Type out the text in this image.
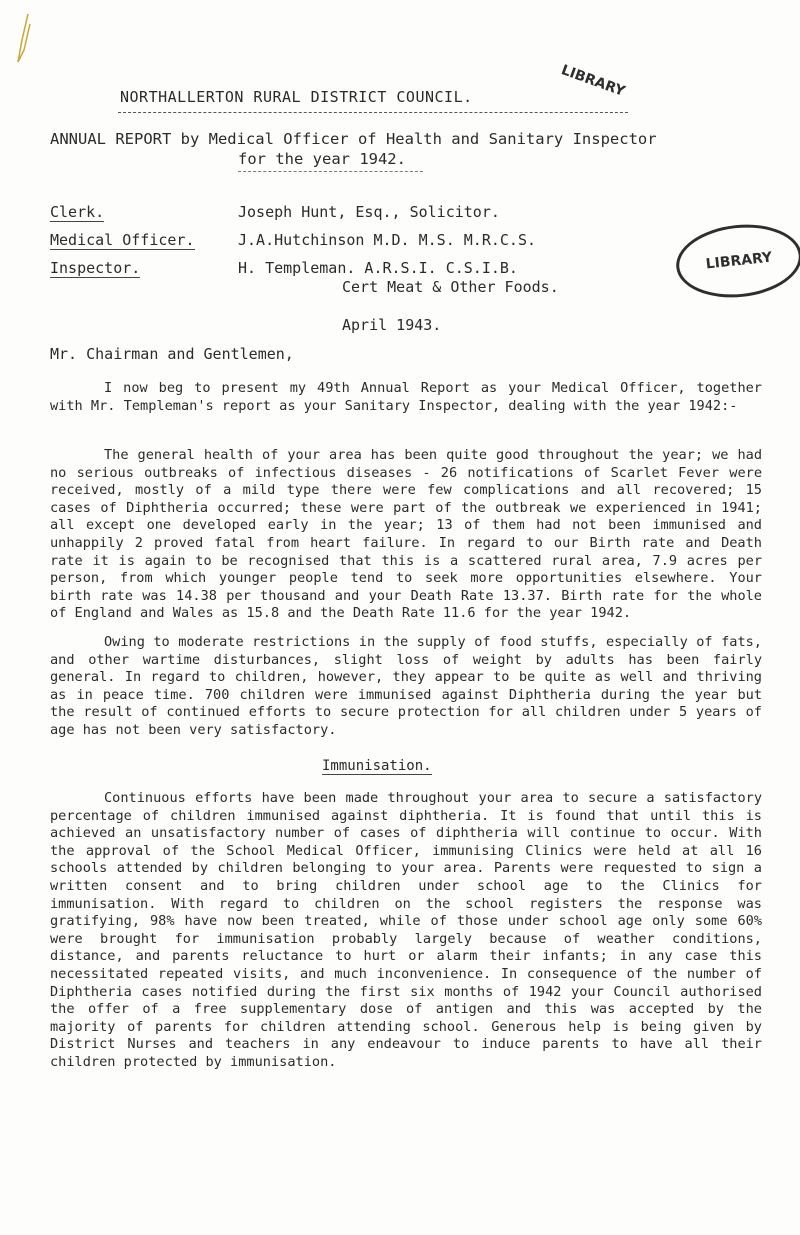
LIBRARY
NORTHALLERTON RURAL DISTRICT COUNCIL.
ANNUAL REPORT by Medical Officer of Health and Sanitary Inspector
for the year 1942.
Clerk.	Joseph Hunt, Esq., Solicitor.
Medical Officer.	J.A.Hutchinson M.D. M.S. M.R.C.S.
Inspector.	H. Templeman. A.R.S.I. C.S.I.B.
Cert Meat & Other Foods.
LIBRARY
April 1943.
Mr. Chairman and Gentlemen,

I now beg to present my 49th Annual Report as your Medical Officer, together with Mr. Templeman's report as your Sanitary Inspector, dealing with the year 1942:-

The general health of your area has been quite good throughout the year; we had no serious outbreaks of infectious diseases - 26 notifications of Scarlet Fever were received, mostly of a mild type there were few complications and all recovered; 15 cases of Diphtheria occurred; these were part of the outbreak we experienced in 1941; all except one developed early in the year; 13 of them had not been immunised and unhappily 2 proved fatal from heart failure. In regard to our Birth rate and Death rate it is again to be recognised that this is a scattered rural area, 7.9 acres per person, from which younger people tend to seek more opportunities elsewhere. Your birth rate was 14.38 per thousand and your Death Rate 13.37. Birth rate for the whole of England and Wales as 15.8 and the Death Rate 11.6 for the year 1942.

Owing to moderate restrictions in the supply of food stuffs, especially of fats, and other wartime disturbances, slight loss of weight by adults has been fairly general. In regard to children, however, they appear to be quite as well and thriving as in peace time. 700 children were immunised against Diphtheria during the year but the result of continued efforts to secure protection for all children under 5 years of age has not been very satisfactory.

Immunisation.

Continuous efforts have been made throughout your area to secure a satisfactory percentage of children immunised against diphtheria. It is found that until this is achieved an unsatisfactory number of cases of diphtheria will continue to occur. With the approval of the School Medical Officer, immunising Clinics were held at all 16 schools attended by children belonging to your area. Parents were requested to sign a written consent and to bring children under school age to the Clinics for immunisation. With regard to children on the school registers the response was gratifying, 98% have now been treated, while of those under school age only some 60% were brought for immunisation probably largely because of weather conditions, distance, and parents reluctance to hurt or alarm their infants; in any case this necessitated repeated visits, and much inconvenience. In consequence of the number of Diphtheria cases notified during the first six months of 1942 your Council authorised the offer of a free supplementary dose of antigen and this was accepted by the majority of parents for children attending school. Generous help is being given by District Nurses and teachers in any endeavour to induce parents to have all their children protected by immunisation.
